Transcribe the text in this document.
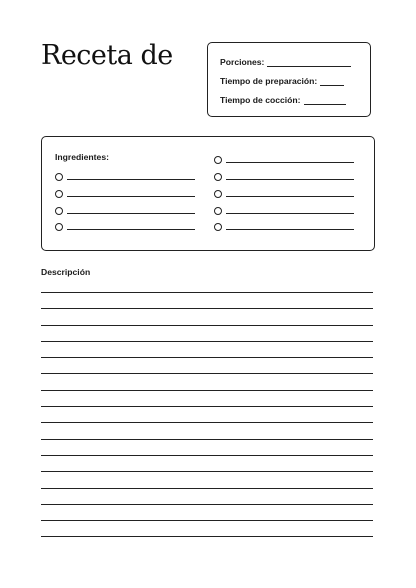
Receta de	Porciones:
Tiempo de preparación:
Tiempo de cocción:
Ingredientes:
Descripción
